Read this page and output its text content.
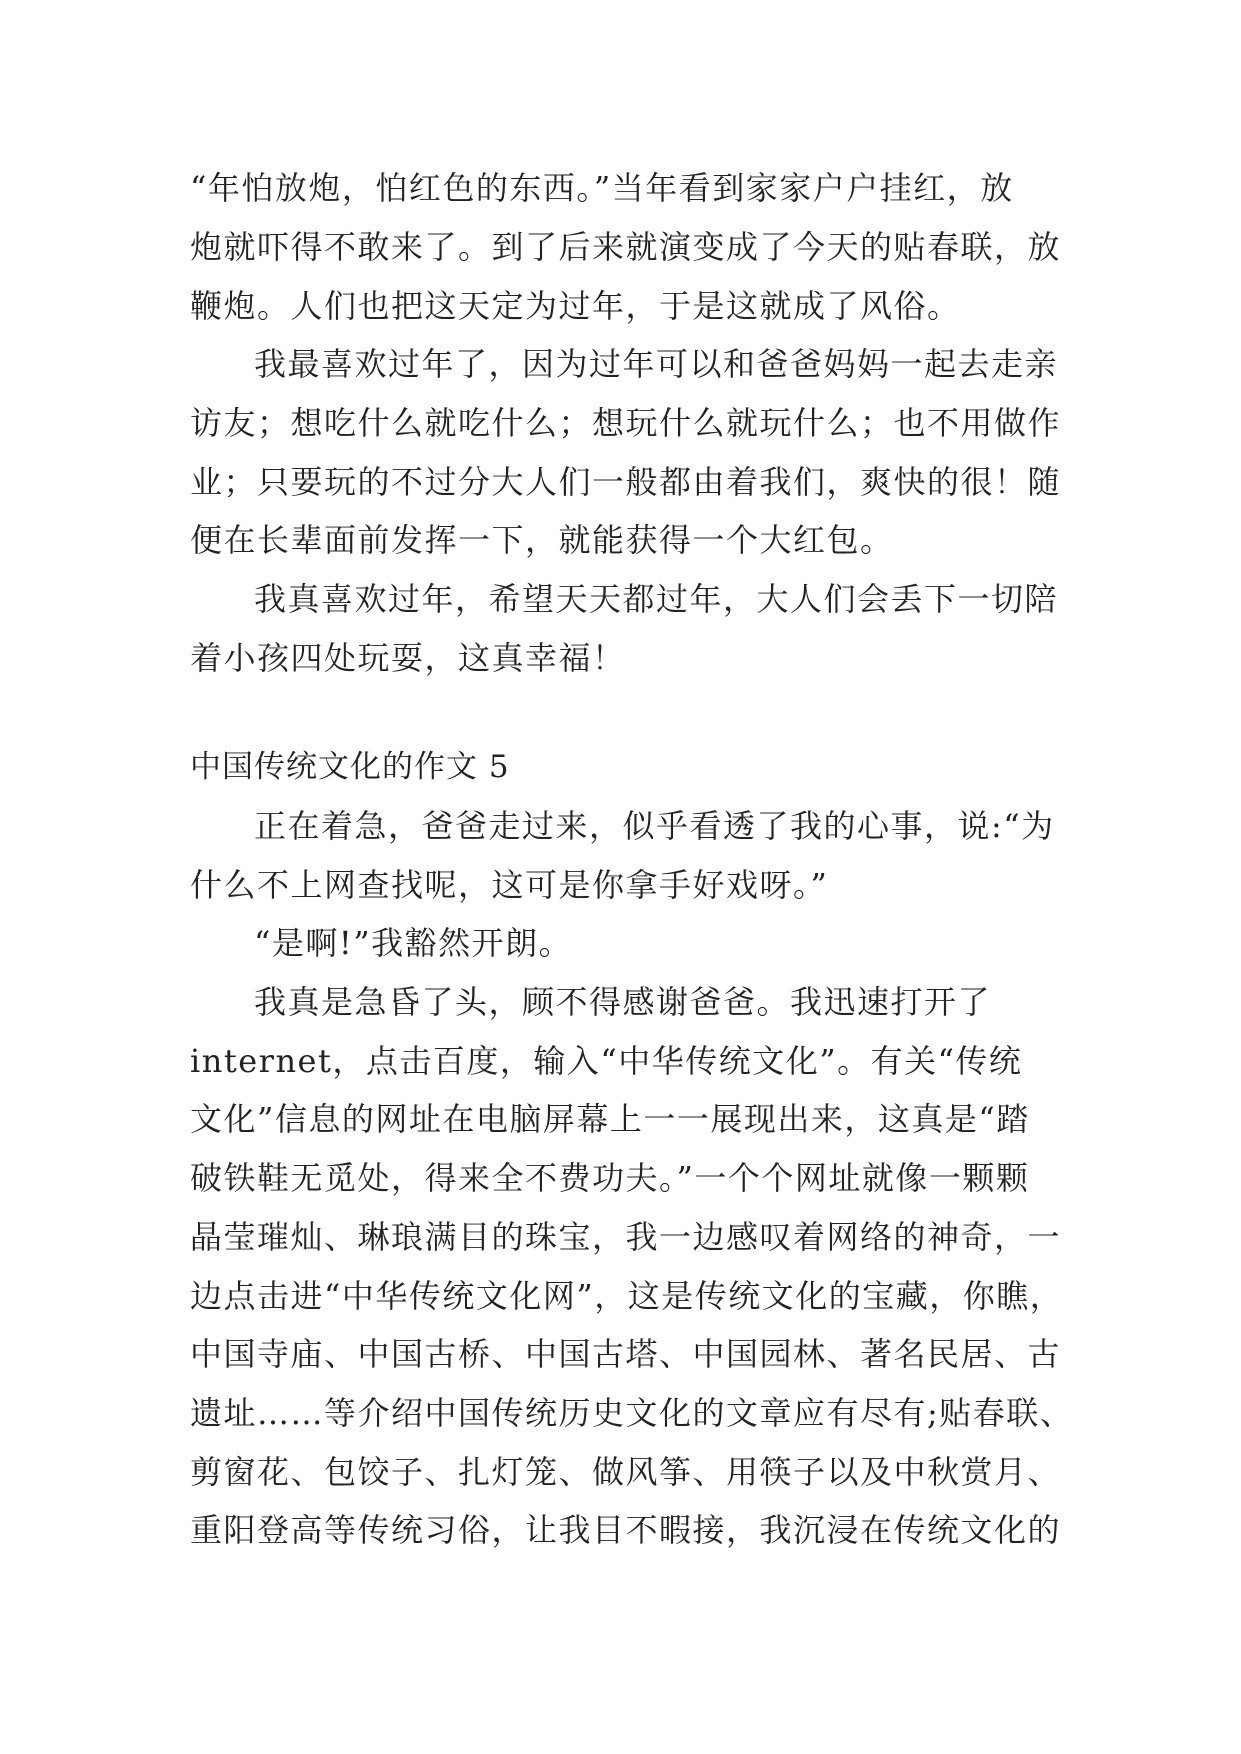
“年怕放炮，怕红色的东西。”当年看到家家户户挂红，放
炮就吓得不敢来了。到了后来就演变成了今天的贴春联，放
鞭炮。人们也把这天定为过年，于是这就成了风俗。
我最喜欢过年了，因为过年可以和爸爸妈妈一起去走亲
访友；想吃什么就吃什么；想玩什么就玩什么；也不用做作
业；只要玩的不过分大人们一般都由着我们，爽快的很！随
便在长辈面前发挥一下，就能获得一个大红包。
我真喜欢过年，希望天天都过年，大人们会丢下一切陪
着小孩四处玩耍，这真幸福！
中国传统文化的作文 5
正在着急，爸爸走过来，似乎看透了我的心事，说:“为
什么不上网查找呢，这可是你拿手好戏呀。”
“是啊!”我豁然开朗。
我真是急昏了头，顾不得感谢爸爸。我迅速打开了
internet，点击百度，输入“中华传统文化”。有关“传统
文化”信息的网址在电脑屏幕上一一展现出来，这真是“踏
破铁鞋无觅处，得来全不费功夫。”一个个网址就像一颗颗
晶莹璀灿、琳琅满目的珠宝，我一边感叹着网络的神奇，一
边点击进“中华传统文化网”，这是传统文化的宝藏，你瞧，
中国寺庙、中国古桥、中国古塔、中国园林、著名民居、古
遗址……等介绍中国传统历史文化的文章应有尽有;贴春联、
剪窗花、包饺子、扎灯笼、做风筝、用筷子以及中秋赏月、
重阳登高等传统习俗，让我目不暇接，我沉浸在传统文化的
